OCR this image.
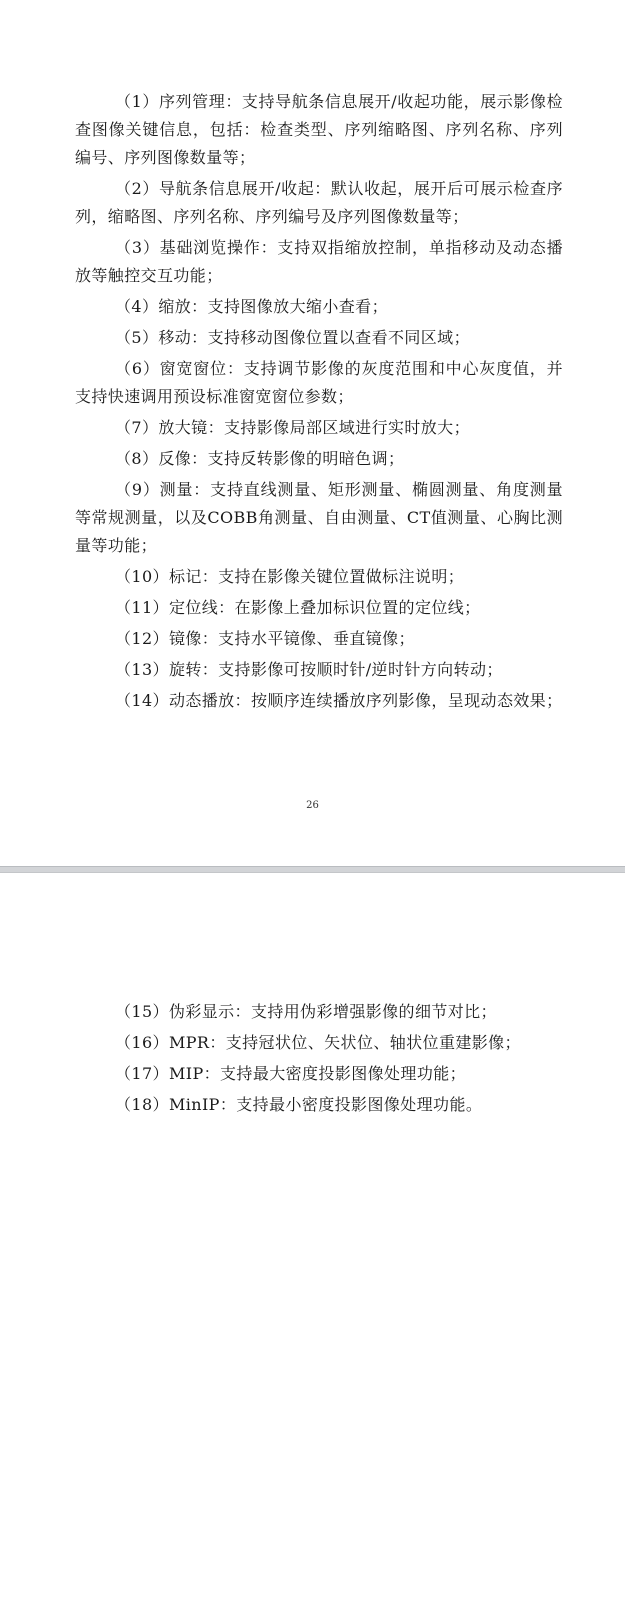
（1）序列管理：支持导航条信息展开/收起功能，展示影像检查图像关键信息，包括：检查类型、序列缩略图、序列名称、序列编号、序列图像数量等；

（2）导航条信息展开/收起：默认收起，展开后可展示检查序列，缩略图、序列名称、序列编号及序列图像数量等；

（3）基础浏览操作：支持双指缩放控制，单指移动及动态播放等触控交互功能；

（4）缩放：支持图像放大缩小查看；

（5）移动：支持移动图像位置以查看不同区域；

（6）窗宽窗位：支持调节影像的灰度范围和中心灰度值，并支持快速调用预设标准窗宽窗位参数；

（7）放大镜：支持影像局部区域进行实时放大；

（8）反像：支持反转影像的明暗色调；

（9）测量：支持直线测量、矩形测量、椭圆测量、角度测量等常规测量，以及COBB角测量、自由测量、CT值测量、心胸比测量等功能；

（10）标记：支持在影像关键位置做标注说明；

（11）定位线：在影像上叠加标识位置的定位线；

（12）镜像：支持水平镜像、垂直镜像；

（13）旋转：支持影像可按顺时针/逆时针方向转动；

（14）动态播放：按顺序连续播放序列影像，呈现动态效果；

26

（15）伪彩显示：支持用伪彩增强影像的细节对比；

（16）MPR：支持冠状位、矢状位、轴状位重建影像；

（17）MIP：支持最大密度投影图像处理功能；

（18）MinIP：支持最小密度投影图像处理功能。
